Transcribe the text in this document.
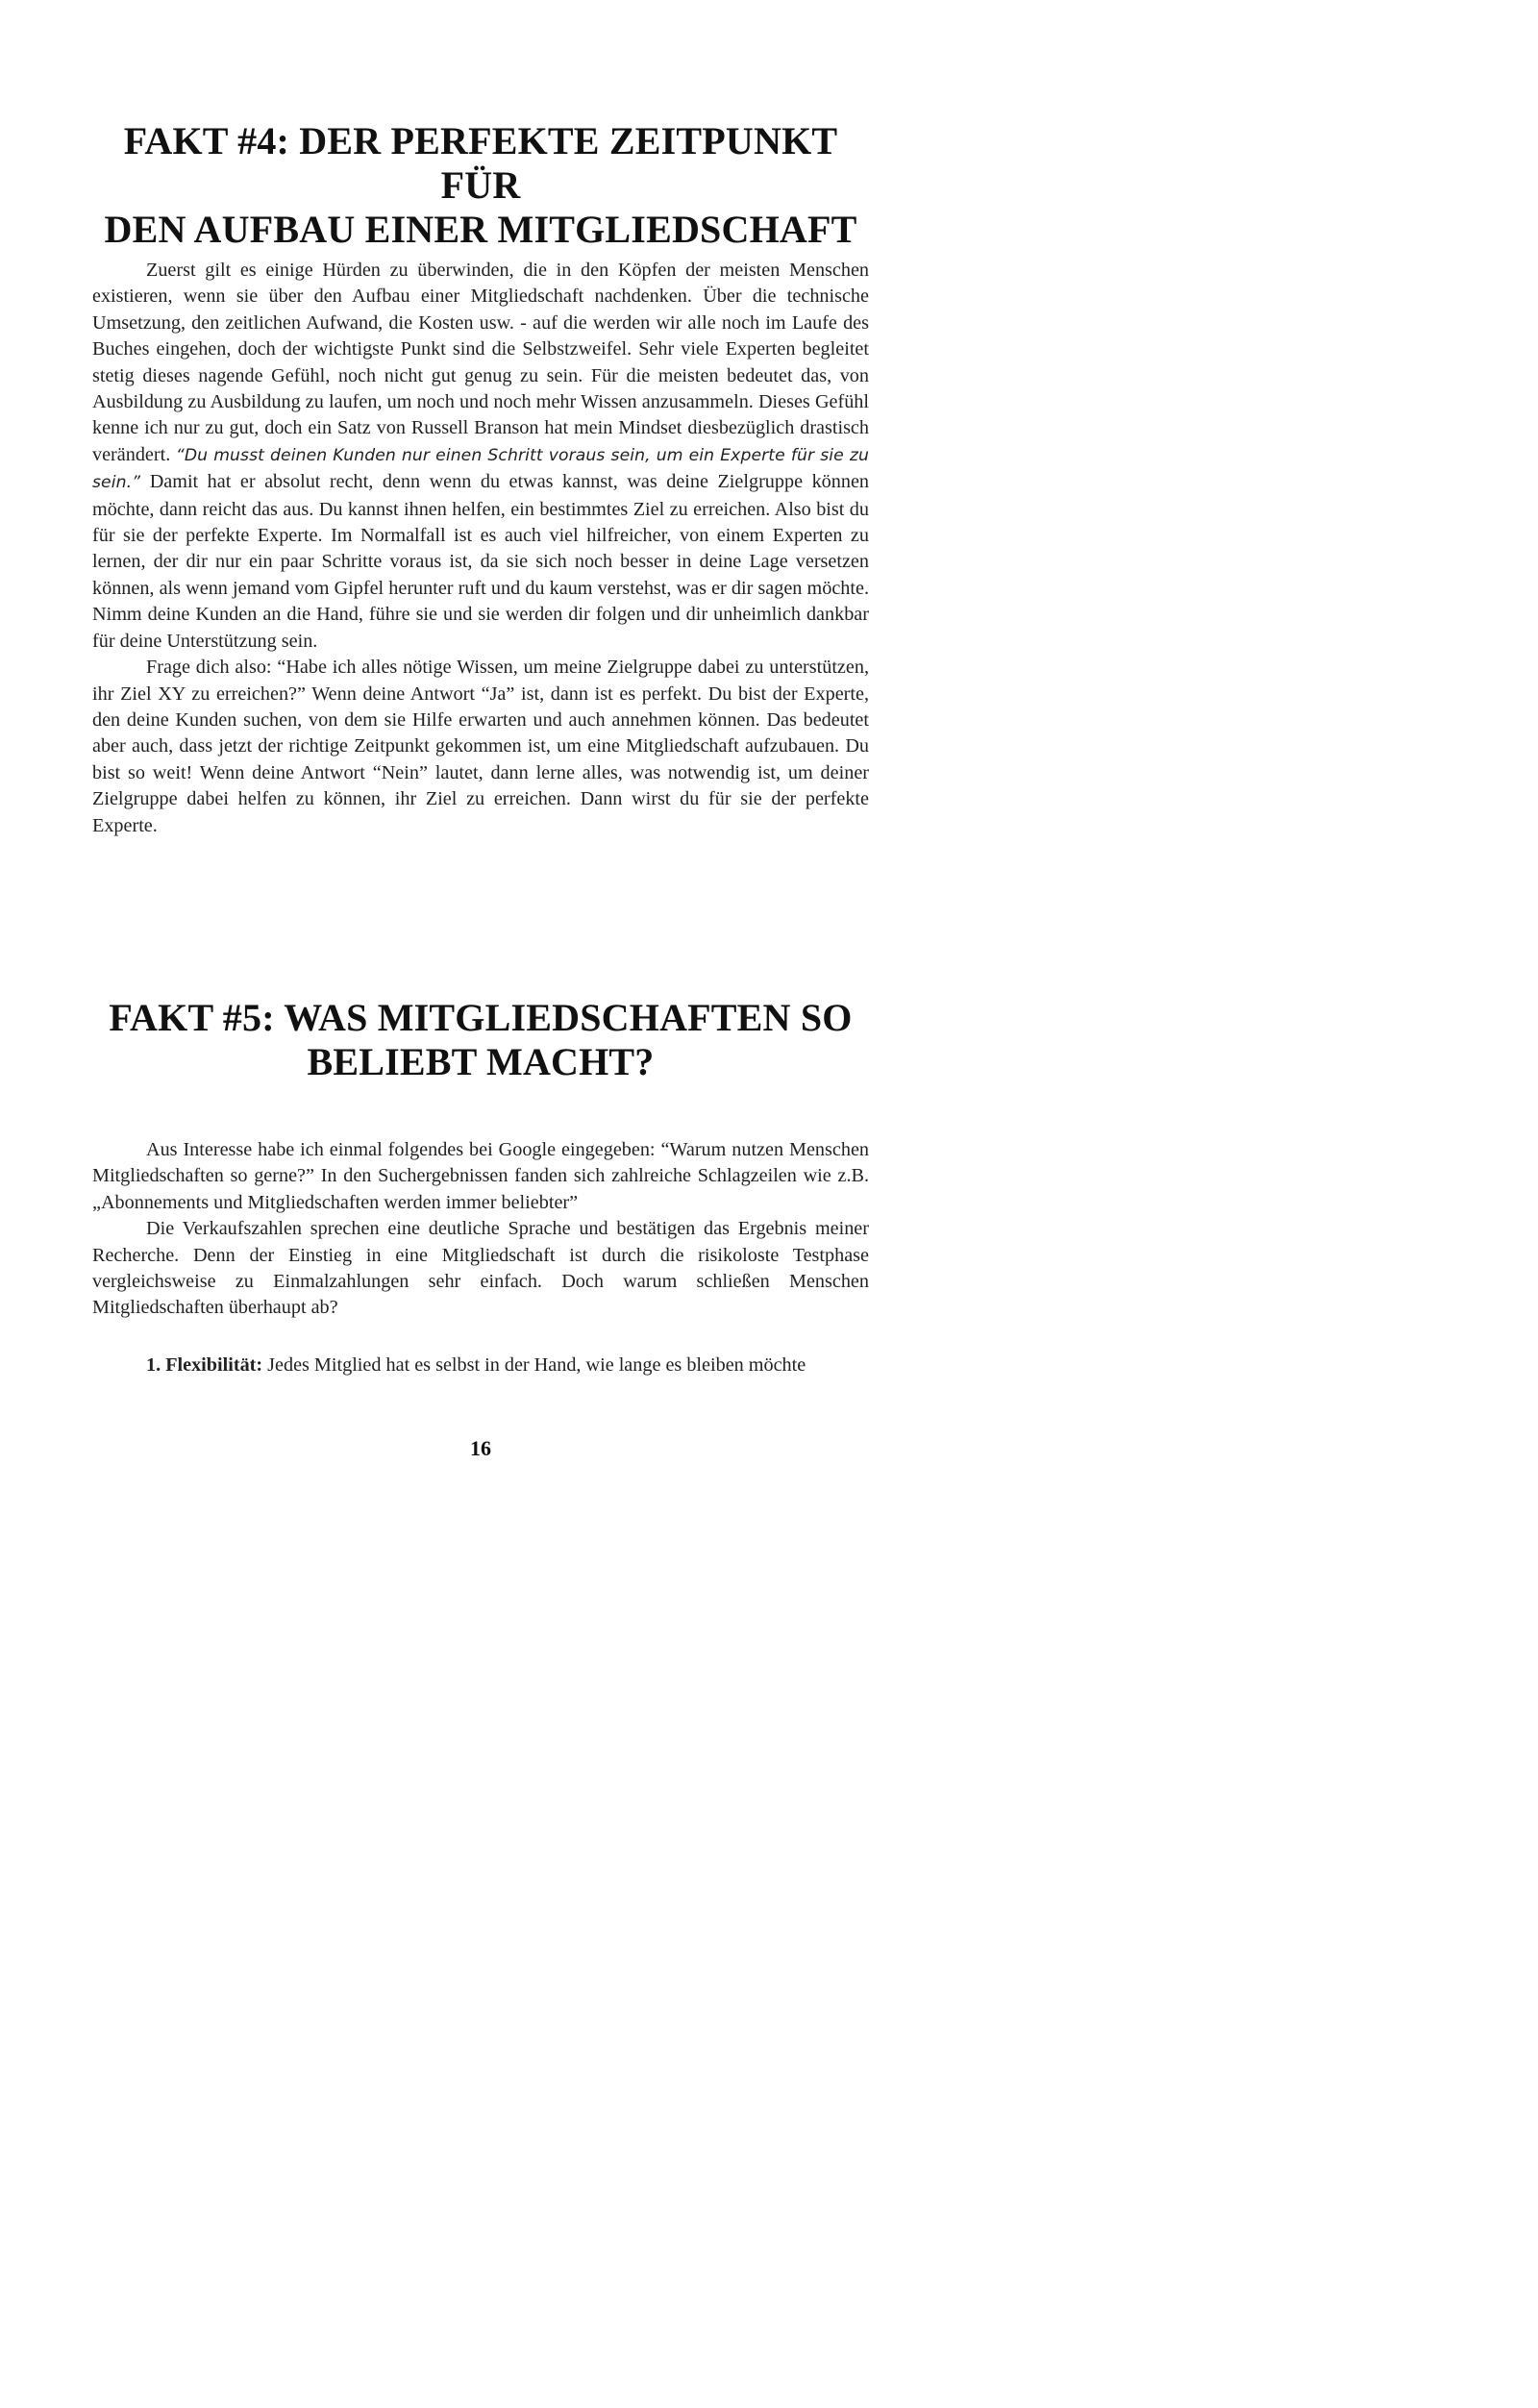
FAKT #4: DER PERFEKTE ZEITPUNKT FÜR
DEN AUFBAU EINER MITGLIEDSCHAFT

Zuerst gilt es einige Hürden zu überwinden, die in den Köpfen der meisten Menschen existieren, wenn sie über den Aufbau einer Mitgliedschaft nachdenken. Über die technische Umsetzung, den zeitlichen Aufwand, die Kosten usw. - auf die werden wir alle noch im Laufe des Buches eingehen, doch der wichtigste Punkt sind die Selbstzweifel. Sehr viele Experten begleitet stetig dieses nagende Gefühl, noch nicht gut genug zu sein. Für die meisten bedeutet das, von Ausbildung zu Ausbildung zu laufen, um noch und noch mehr Wissen anzusammeln. Dieses Gefühl kenne ich nur zu gut, doch ein Satz von Russell Branson hat mein Mindset diesbezüglich drastisch verändert. “Du musst deinen Kunden nur einen Schritt voraus sein, um ein Experte für sie zu sein.” Damit hat er absolut recht, denn wenn du etwas kannst, was deine Zielgruppe können möchte, dann reicht das aus. Du kannst ihnen helfen, ein bestimmtes Ziel zu erreichen. Also bist du für sie der perfekte Experte. Im Normalfall ist es auch viel hilfreicher, von einem Experten zu lernen, der dir nur ein paar Schritte voraus ist, da sie sich noch besser in deine Lage versetzen können, als wenn jemand vom Gipfel herunter ruft und du kaum verstehst, was er dir sagen möchte. Nimm deine Kunden an die Hand, führe sie und sie werden dir folgen und dir unheimlich dankbar für deine Unterstützung sein.

Frage dich also: “Habe ich alles nötige Wissen, um meine Zielgruppe dabei zu unterstützen, ihr Ziel XY zu erreichen?” Wenn deine Antwort “Ja” ist, dann ist es perfekt. Du bist der Experte, den deine Kunden suchen, von dem sie Hilfe erwarten und auch annehmen können. Das bedeutet aber auch, dass jetzt der richtige Zeitpunkt gekommen ist, um eine Mitgliedschaft aufzubauen. Du bist so weit! Wenn deine Antwort “Nein” lautet, dann lerne alles, was notwendig ist, um deiner Zielgruppe dabei helfen zu können, ihr Ziel zu erreichen. Dann wirst du für sie der perfekte Experte.

FAKT #5: WAS MITGLIEDSCHAFTEN SO
BELIEBT MACHT?

Aus Interesse habe ich einmal folgendes bei Google eingegeben: “Warum nutzen Menschen Mitgliedschaften so gerne?” In den Suchergebnissen fanden sich zahlreiche Schlagzeilen wie z.B. „Abonnements und Mitgliedschaften werden immer beliebter”

Die Verkaufszahlen sprechen eine deutliche Sprache und bestätigen das Ergebnis meiner Recherche. Denn der Einstieg in eine Mitgliedschaft ist durch die risikoloste Testphase vergleichsweise zu Einmalzahlungen sehr einfach. Doch warum schließen Menschen Mitgliedschaften überhaupt ab?

1. Flexibilität: Jedes Mitglied hat es selbst in der Hand, wie lange es bleiben möchte

16
